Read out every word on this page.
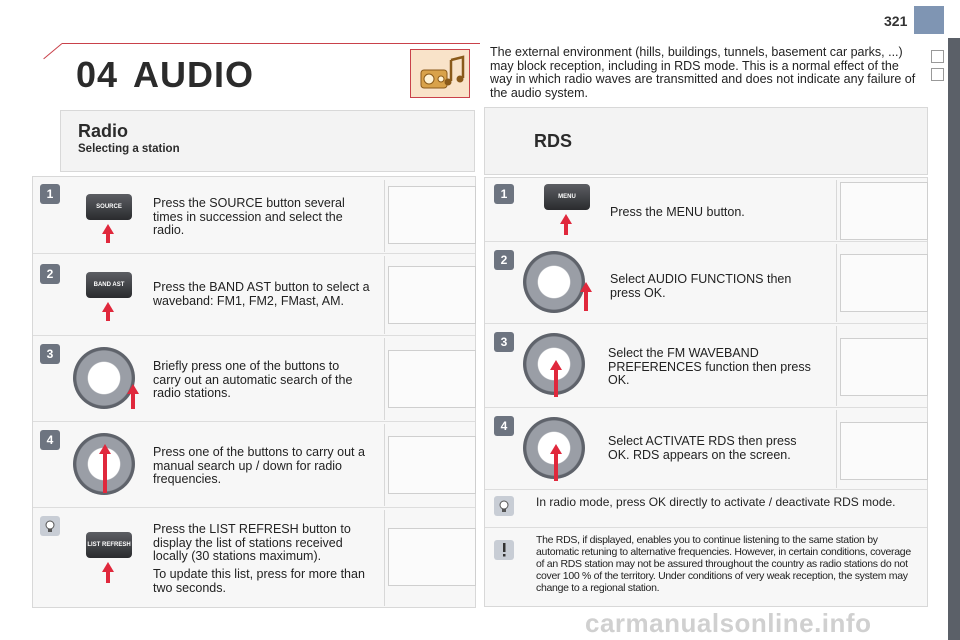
321
04 AUDIO
The external environment (hills, buildings, tunnels, basement car parks, ...) may block reception, including in RDS mode. This is a normal effect of the way in which radio waves are transmitted and does not indicate any failure of the audio system.
Radio
Selecting a station
1
SOURCE	Press the SOURCE button several times in succession and select the radio.
2
BAND AST	Press the BAND AST button to select a waveband: FM1, FM2, FMast, AM.
3
Briefly press one of the buttons to carry out an automatic search of the radio stations.
4
Press one of the buttons to carry out a manual search up / down for radio frequencies.
LIST REFRESH
Press the LIST REFRESH button to display the list of stations received locally (30 stations maximum).
To update this list, press for more than two seconds.
RDS
1	MENU
Press the MENU button.
2
Select AUDIO FUNCTIONS then press OK.
3
Select the FM WAVEBAND PREFERENCES function then press OK.
4
Select ACTIVATE RDS then press OK. RDS appears on the screen.
In radio mode, press OK directly to activate / deactivate RDS mode.
The RDS, if displayed, enables you to continue listening to the same station by automatic retuning to alternative frequencies. However, in certain conditions, coverage of an RDS station may not be assured throughout the country as radio stations do not cover 100 % of the territory. Under conditions of very weak reception, the system may change to a regional station.
carmanualsonline.info
